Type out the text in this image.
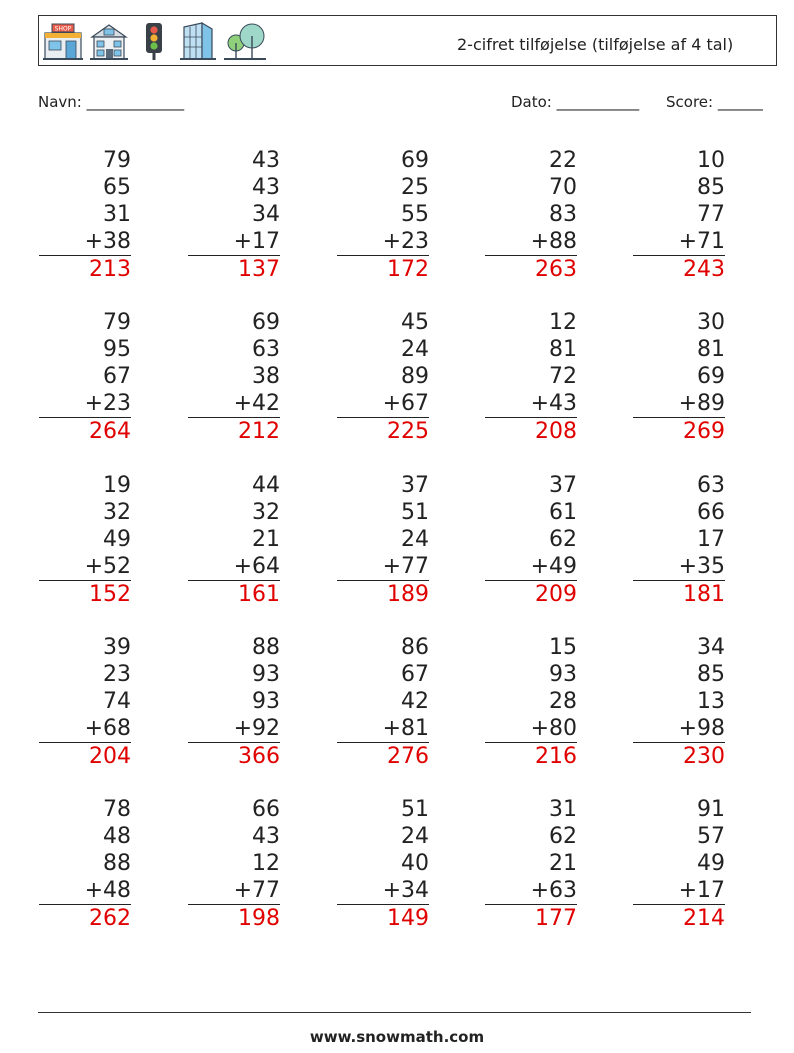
SHOP
2-cifret tilføjelse (tilføjelse af 4 tal)
Navn: _____________	Dato: ___________ Score: ______
79
65
31
+38
213
43
43
34
+17
137
69
25
55
+23
172
22
70
83
+88
263
10
85
77
+71
243
79
95
67
+23
264
69
63
38
+42
212
45
24
89
+67
225
12
81
72
+43
208
30
81
69
+89
269
19
32
49
+52
152
44
32
21
+64
161
37
51
24
+77
189
37
61
62
+49
209
63
66
17
+35
181
39
23
74
+68
204
88
93
93
+92
366
86
67
42
+81
276
15
93
28
+80
216
34
85
13
+98
230
78
48
88
+48
262
66
43
12
+77
198
51
24
40
+34
149
31
62
21
+63
177
91
57
49
+17
214
www.snowmath.com
